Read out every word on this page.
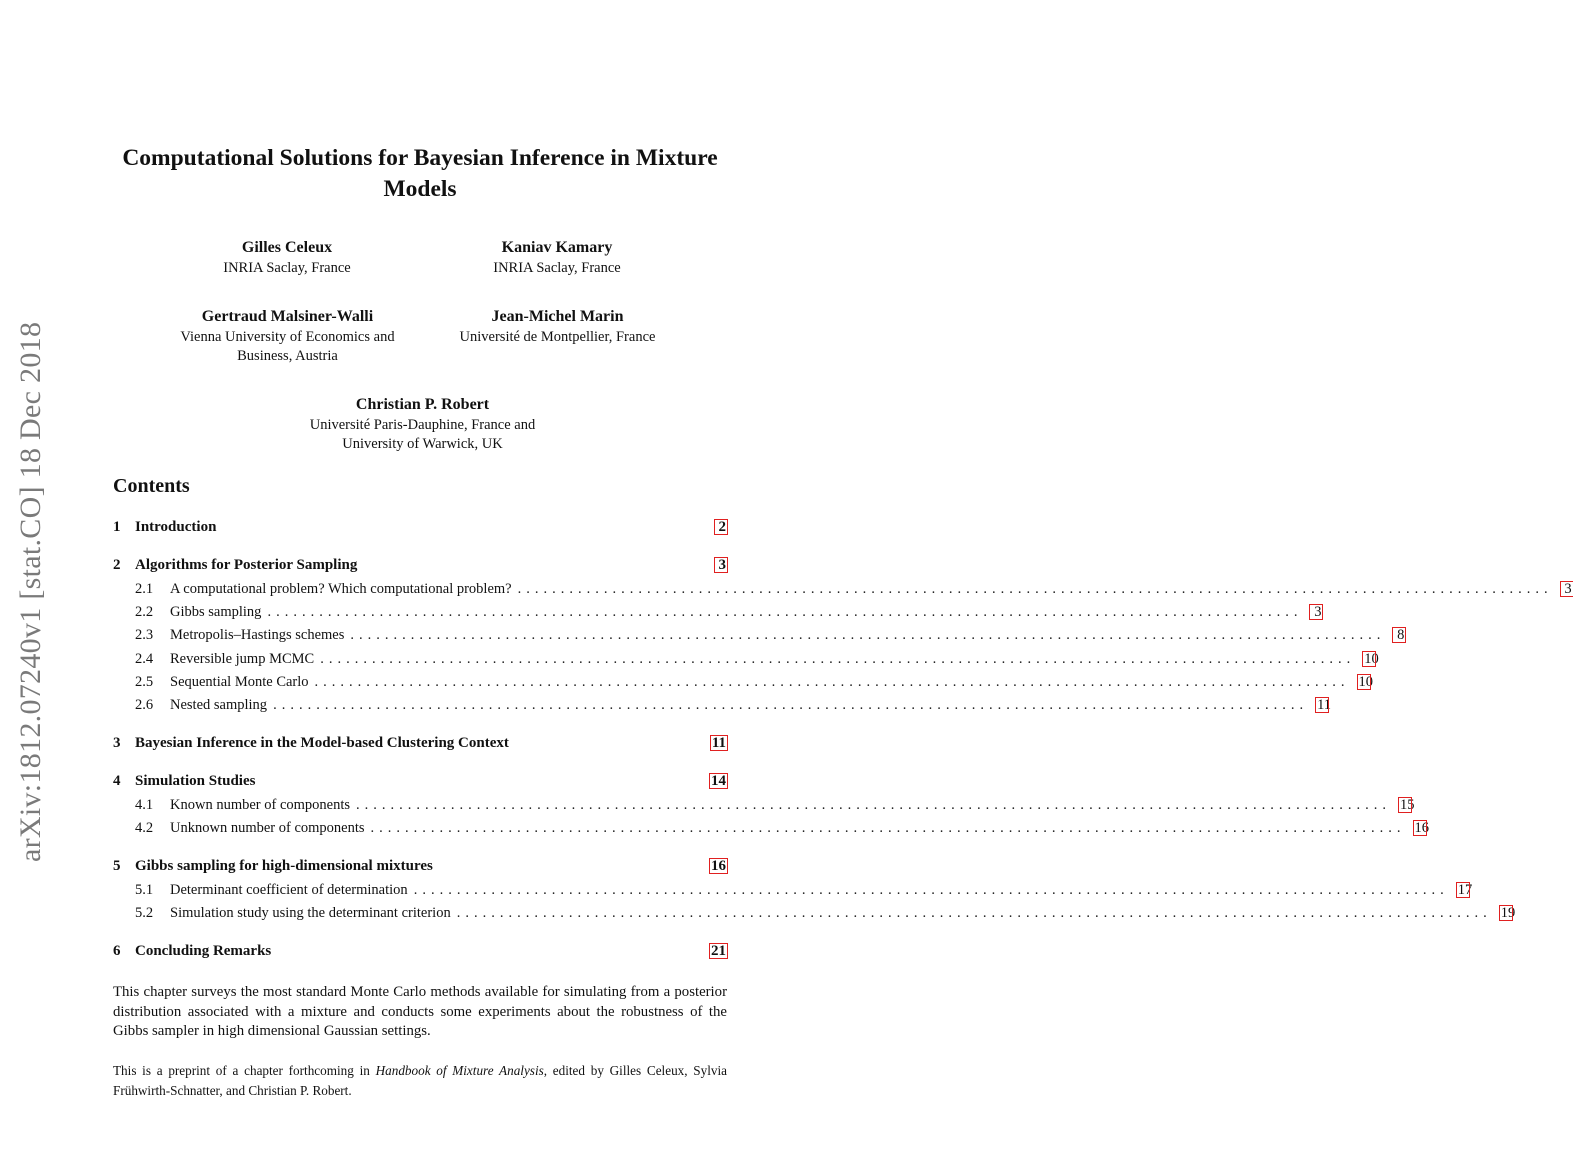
arXiv:1812.07240v1 [stat.CO] 18 Dec 2018
Computational Solutions for Bayesian Inference in Mixture Models
Gilles Celeux
INRIA Saclay, France
Kaniav Kamary
INRIA Saclay, France
Gertraud Malsiner-Walli
Vienna University of Economics and Business, Austria
Jean-Michel Marin
Université de Montpellier, France
Christian P. Robert
Université Paris-Dauphine, France and University of Warwick, UK
Contents
1 Introduction	2
2 Algorithms for Posterior Sampling	3
2.1	A computational problem? Which computational problem? ........................................................................................................................ 3
2.2	Gibbs sampling ........................................................................................................................ 3
2.3	Metropolis–Hastings schemes ........................................................................................................................ 8
2.4	Reversible jump MCMC ........................................................................................................................ 10
2.5	Sequential Monte Carlo ........................................................................................................................ 10
2.6	Nested sampling ........................................................................................................................ 11
3 Bayesian Inference in the Model-based Clustering Context	11
4 Simulation Studies	14
4.1	Known number of components ........................................................................................................................ 15
4.2	Unknown number of components ........................................................................................................................ 16
5 Gibbs sampling for high-dimensional mixtures	16
5.1	Determinant coefficient of determination ........................................................................................................................ 17
5.2	Simulation study using the determinant criterion ........................................................................................................................ 19
6 Concluding Remarks	21
This chapter surveys the most standard Monte Carlo methods available for simulating from a posterior distribution associated with a mixture and conducts some experiments about the robustness of the Gibbs sampler in high dimensional Gaussian settings.
This is a preprint of a chapter forthcoming in Handbook of Mixture Analysis, edited by Gilles Celeux, Sylvia Frühwirth-Schnatter, and Christian P. Robert.
